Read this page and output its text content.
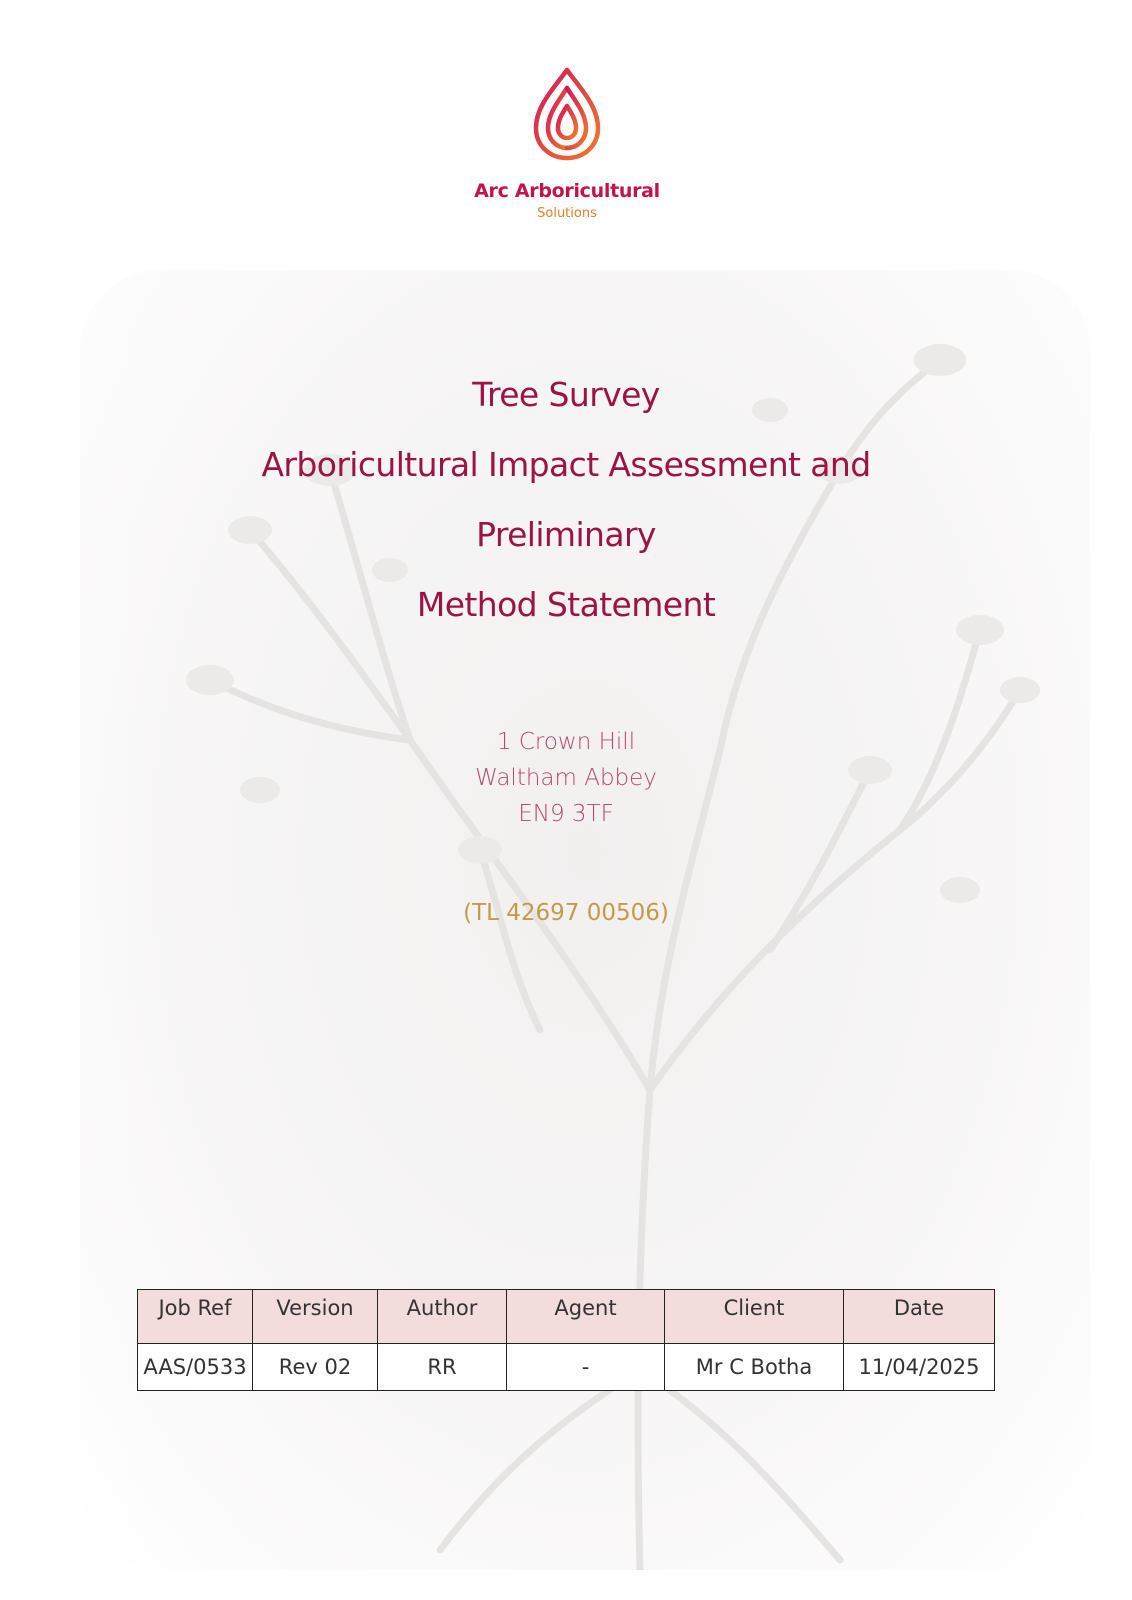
Arc Arboricultural
Solutions
Tree Survey
Arboricultural Impact Assessment and
Preliminary
Method Statement
1 Crown Hill
Waltham Abbey
EN9 3TF
(TL 42697 00506)
Job Ref	Version	Author	Agent	Client	Date
AAS/0533	Rev 02	RR	-	Mr C Botha	11/04/2025
